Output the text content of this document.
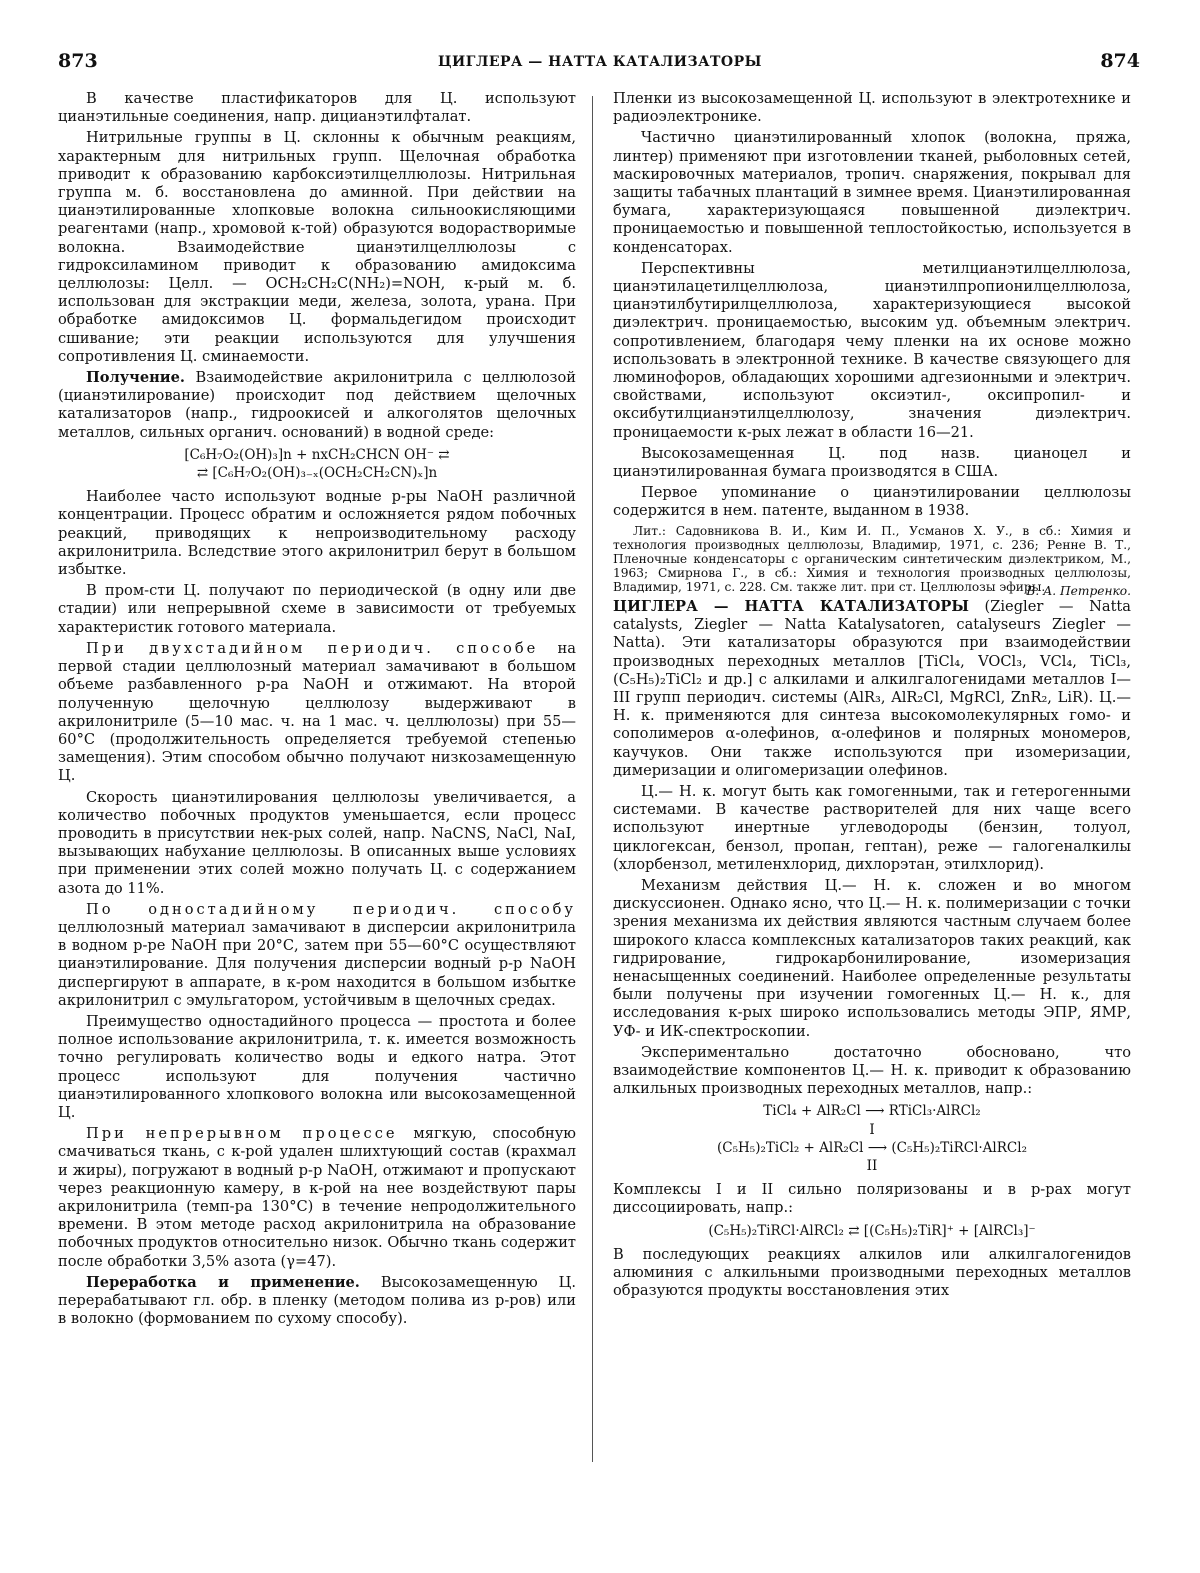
873	ЦИГЛЕРА — НАТТА КАТАЛИЗАТОРЫ	874

В качестве пластификаторов для Ц. используют цианэтильные соединения, напр. дицианэтилфталат.

Нитрильные группы в Ц. склонны к обычным реакциям, характерным для нитрильных групп. Щелочная обработка приводит к образованию карбоксиэтилцеллюлозы. Нитрильная группа м. б. восстановлена до аминной. При действии на цианэтилированные хлопковые волокна сильноокисляющими реагентами (напр., хромовой к-той) образуются водорастворимые волокна. Взаимодействие цианэтилцеллюлозы с гидроксиламином приводит к образованию амидоксима целлюлозы: Целл. — OCH₂CH₂C(NH₂)=NOH, к-рый м. б. использован для экстракции меди, железа, золота, урана. При обработке амидоксимов Ц. формальдегидом происходит сшивание; эти реакции используются для улучшения сопротивления Ц. сминаемости.

Получение. Взаимодействие акрилонитрила с целлюлозой (цианэтилирование) происходит под действием щелочных катализаторов (напр., гидроокисей и алкоголятов щелочных металлов, сильных органич. оснований) в водной среде:

[C₆H₇O₂(OH)₃]n + nxCH₂CHCN OH⁻ ⇄
⇄ [C₆H₇O₂(OH)₃₋ₓ(OCH₂CH₂CN)ₓ]n

Наиболее часто используют водные р-ры NaOH различной концентрации. Процесс обратим и осложняется рядом побочных реакций, приводящих к непроизводительному расходу акрилонитрила. Вследствие этого акрилонитрил берут в большом избытке.

В пром-сти Ц. получают по периодической (в одну или две стадии) или непрерывной схеме в зависимости от требуемых характеристик готового материала.

При двухстадийном периодич. способе на первой стадии целлюлозный материал замачивают в большом объеме разбавленного р-ра NaOH и отжимают. На второй полученную щелочную целлюлозу выдерживают в акрилонитриле (5—10 мас. ч. на 1 мас. ч. целлюлозы) при 55—60°С (продолжительность определяется требуемой степенью замещения). Этим способом обычно получают низкозамещенную Ц.

Скорость цианэтилирования целлюлозы увеличивается, а количество побочных продуктов уменьшается, если процесс проводить в присутствии нек-рых солей, напр. NaCNS, NaCl, NaI, вызывающих набухание целлюлозы. В описанных выше условиях при применении этих солей можно получать Ц. с содержанием азота до 11%.

По одностадийному периодич. способу целлюлозный материал замачивают в дисперсии акрилонитрила в водном р-ре NaOH при 20°С, затем при 55—60°С осуществляют цианэтилирование. Для получения дисперсии водный р-р NaOH диспергируют в аппарате, в к-ром находится в большом избытке акрилонитрил с эмульгатором, устойчивым в щелочных средах.

Преимущество одностадийного процесса — простота и более полное использование акрилонитрила, т. к. имеется возможность точно регулировать количество воды и едкого натра. Этот процесс используют для получения частично цианэтилированного хлопкового волокна или высокозамещенной Ц.

При непрерывном процессе мягкую, способную смачиваться ткань, с к-рой удален шлихтующий состав (крахмал и жиры), погружают в водный р-р NaOH, отжимают и пропускают через реакционную камеру, в к-рой на нее воздействуют пары акрилонитрила (темп-ра 130°С) в течение непродолжительного времени. В этом методе расход акрилонитрила на образование побочных продуктов относительно низок. Обычно ткань содержит после обработки 3,5% азота (γ=47).

Переработка и применение. Высокозамещенную Ц. перерабатывают гл. обр. в пленку (методом полива из р-ров) или в волокно (формованием по сухому способу).

Пленки из высокозамещенной Ц. используют в электротехнике и радиоэлектронике.

Частично цианэтилированный хлопок (волокна, пряжа, линтер) применяют при изготовлении тканей, рыболовных сетей, маскировочных материалов, тропич. снаряжения, покрывал для защиты табачных плантаций в зимнее время. Цианэтилированная бумага, характеризующаяся повышенной диэлектрич. проницаемостью и повышенной теплостойкостью, используется в конденсаторах.

Перспективны метилцианэтилцеллюлоза, цианэтилацетилцеллюлоза, цианэтилпропионилцеллюлоза, цианэтилбутирилцеллюлоза, характеризующиеся высокой диэлектрич. проницаемостью, высоким уд. объемным электрич. сопротивлением, благодаря чему пленки на их основе можно использовать в электронной технике. В качестве связующего для люминофоров, обладающих хорошими адгезионными и электрич. свойствами, используют оксиэтил-, оксипропил- и оксибутилцианэтилцеллюлозу, значения диэлектрич. проницаемости к-рых лежат в области 16—21.

Высокозамещенная Ц. под назв. цианоцел и цианэтилированная бумага производятся в США.

Первое упоминание о цианэтилировании целлюлозы содержится в нем. патенте, выданном в 1938.

Лит.: Садовникова В. И., Ким И. П., Усманов Х. У., в сб.: Химия и технология производных целлюлозы, Владимир, 1971, с. 236; Ренне В. Т., Пленочные конденсаторы с органическим синтетическим диэлектриком, М., 1963; Смирнова Г., в сб.: Химия и технология производных целлюлозы, Владимир, 1971, с. 228. См. также лит. при ст. Целлюлозы эфиры.

В. А. Петренко.

ЦИГЛЕРА — НАТТА КАТАЛИЗАТОРЫ (Ziegler — Natta catalysts, Ziegler — Natta Katalysatoren, catalyseurs Ziegler — Natta). Эти катализаторы образуются при взаимодействии производных переходных металлов [TiCl₄, VOCl₃, VCl₄, TiCl₃, (C₅H₅)₂TiCl₂ и др.] с алкилами и алкилгалогенидами металлов I—III групп периодич. системы (AlR₃, AlR₂Cl, MgRCl, ZnR₂, LiR). Ц.— Н. к. применяются для синтеза высокомолекулярных гомо- и сополимеров α-олефинов, α-олефинов и полярных мономеров, каучуков. Они также используются при изомеризации, димеризации и олигомеризации олефинов.

Ц.— Н. к. могут быть как гомогенными, так и гетерогенными системами. В качестве растворителей для них чаще всего используют инертные углеводороды (бензин, толуол, циклогексан, бензол, пропан, гептан), реже — галогеналкилы (хлорбензол, метиленхлорид, дихлорэтан, этилхлорид).

Механизм действия Ц.— Н. к. сложен и во многом дискуссионен. Однако ясно, что Ц.— Н. к. полимеризации с точки зрения механизма их действия являются частным случаем более широкого класса комплексных катализаторов таких реакций, как гидрирование, гидрокарбонилирование, изомеризация ненасыщенных соединений. Наиболее определенные результаты были получены при изучении гомогенных Ц.— Н. к., для исследования к-рых широко использовались методы ЭПР, ЯМР, УФ- и ИК-спектроскопии.

Экспериментально достаточно обосновано, что взаимодействие компонентов Ц.— Н. к. приводит к образованию алкильных производных переходных металлов, напр.:

TiCl₄ + AlR₂Cl ⟶ RTiCl₃·AlRCl₂
I
(C₅H₅)₂TiCl₂ + AlR₂Cl ⟶ (C₅H₅)₂TiRCl·AlRCl₂
II

Комплексы I и II сильно поляризованы и в р-рах могут диссоциировать, напр.:

(C₅H₅)₂TiRCl·AlRCl₂ ⇄ [(C₅H₅)₂TiR]⁺ + [AlRCl₃]⁻

В последующих реакциях алкилов или алкилгалогенидов алюминия с алкильными производными переходных металлов образуются продукты восстановления этих
